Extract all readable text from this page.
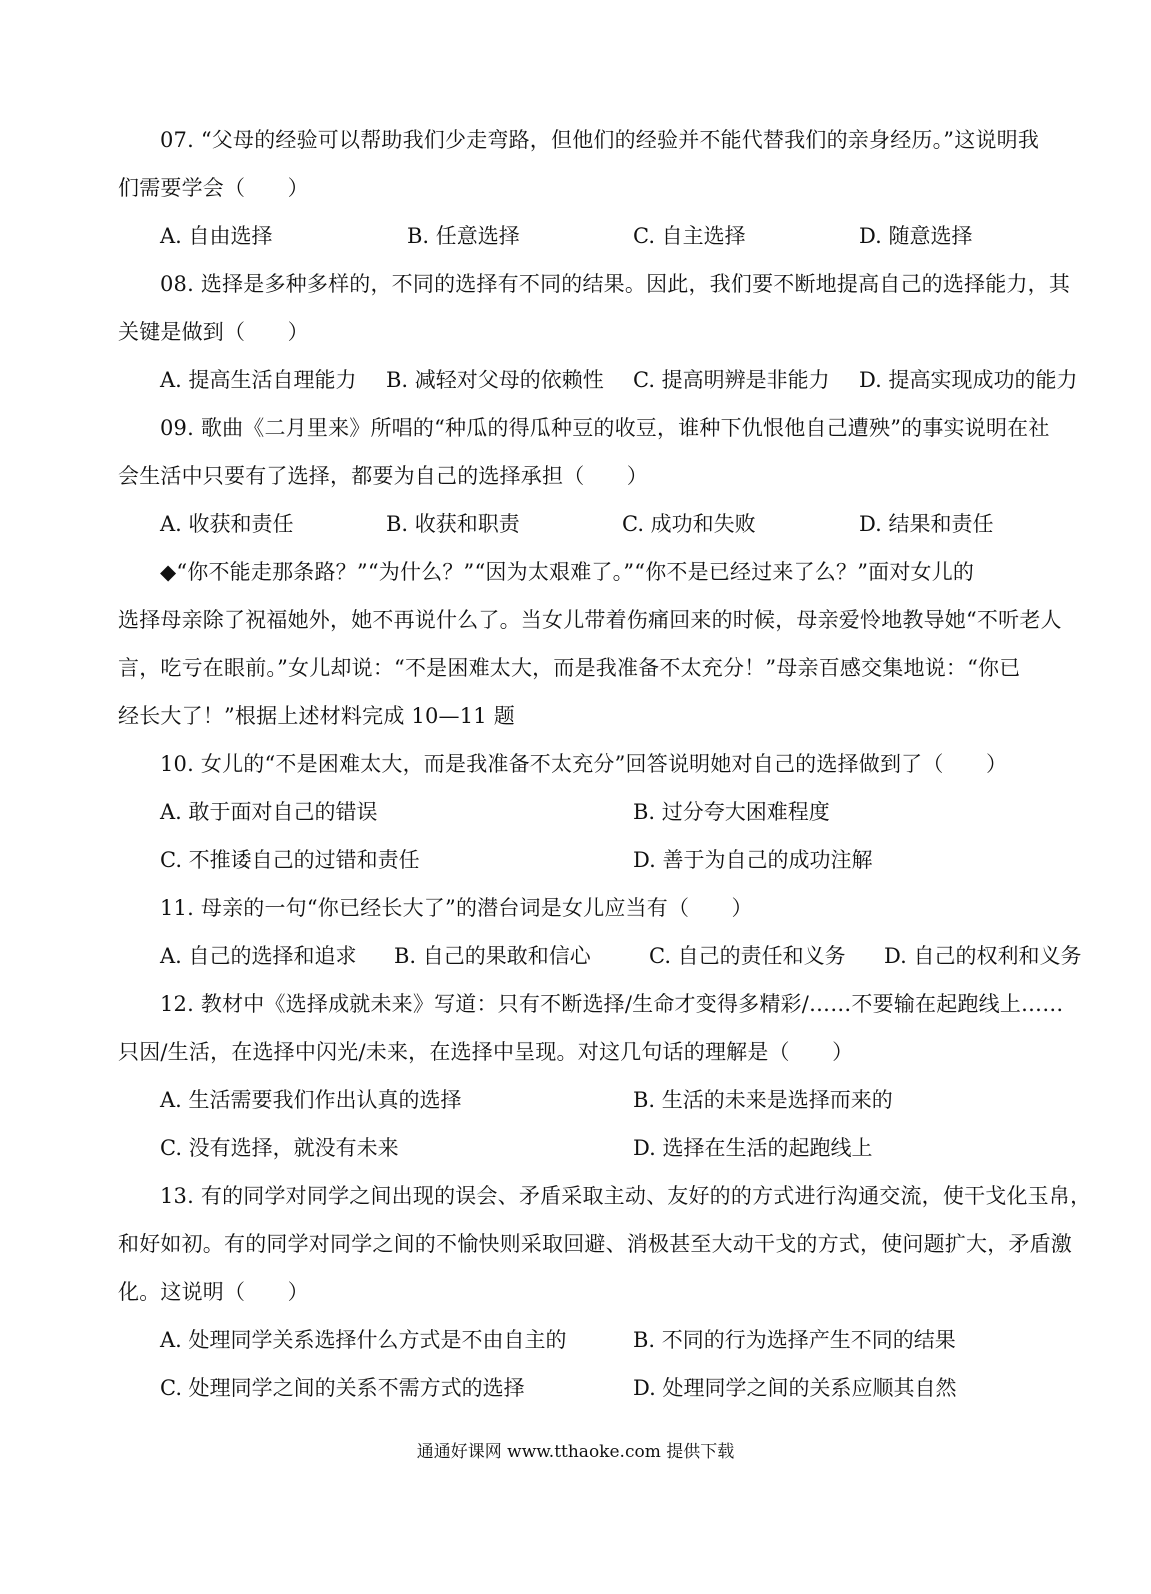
07. “父母的经验可以帮助我们少走弯路，但他们的经验并不能代替我们的亲身经历。”这说明我
们需要学会（　　）
A. 自由选择	B. 任意选择	C. 自主选择	D. 随意选择
08. 选择是多种多样的，不同的选择有不同的结果。因此，我们要不断地提高自己的选择能力，其
关键是做到（　　）
A. 提高生活自理能力 B. 减轻对父母的依赖性 C. 提高明辨是非能力 D. 提高实现成功的能力
09. 歌曲《二月里来》所唱的“种瓜的得瓜种豆的收豆，谁种下仇恨他自己遭殃”的事实说明在社
会生活中只要有了选择，都要为自己的选择承担（　　）
A. 收获和责任	B. 收获和职责	C. 成功和失败	D. 结果和责任
◆“你不能走那条路？”“为什么？”“因为太艰难了。”“你不是已经过来了么？”面对女儿的
选择母亲除了祝福她外，她不再说什么了。当女儿带着伤痛回来的时候，母亲爱怜地教导她“不听老人
言，吃亏在眼前。”女儿却说：“不是困难太大，而是我准备不太充分！”母亲百感交集地说：“你已
经长大了！”根据上述材料完成 10—11 题
10. 女儿的“不是困难太大，而是我准备不太充分”回答说明她对自己的选择做到了（　　）
A. 敢于面对自己的错误	B. 过分夸大困难程度
C. 不推诿自己的过错和责任	D. 善于为自己的成功注解
11. 母亲的一句“你已经长大了”的潜台词是女儿应当有（　　）
A. 自己的选择和追求 B. 自己的果敢和信心	C. 自己的责任和义务 D. 自己的权利和义务
12. 教材中《选择成就未来》写道：只有不断选择/生命才变得多精彩/……不要输在起跑线上……
只因/生活，在选择中闪光/未来，在选择中呈现。对这几句话的理解是（　　）
A. 生活需要我们作出认真的选择	B. 生活的未来是选择而来的
C. 没有选择，就没有未来	D. 选择在生活的起跑线上
13. 有的同学对同学之间出现的误会、矛盾采取主动、友好的的方式进行沟通交流，使干戈化玉帛，
和好如初。有的同学对同学之间的不愉快则采取回避、消极甚至大动干戈的方式，使问题扩大，矛盾激
化。这说明（　　）
A. 处理同学关系选择什么方式是不由自主的	B. 不同的行为选择产生不同的结果
C. 处理同学之间的关系不需方式的选择	D. 处理同学之间的关系应顺其自然
通通好课网 www.tthaoke.com 提供下载
